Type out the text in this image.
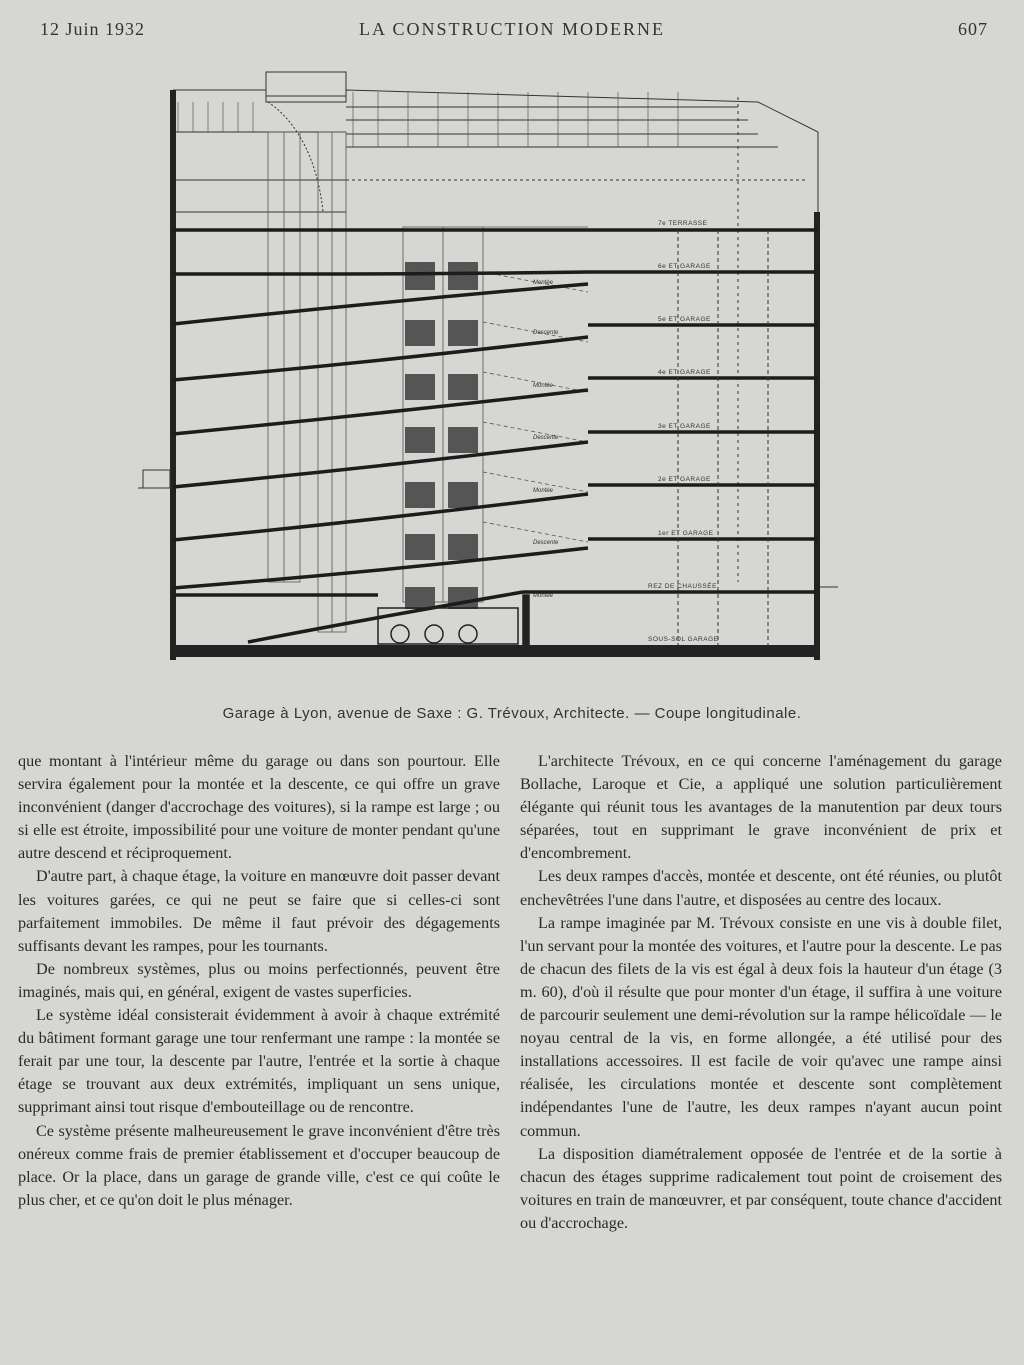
12 Juin 1932	LA CONSTRUCTION MODERNE	607
7e TERRASSE
6e ET GARAGE
5e ET GARAGE
4e ET GARAGE
3e ET GARAGE
2e ET GARAGE
1er ET GARAGE
REZ DE CHAUSSÉE
SOUS-SOL GARAGE
Montée
Descente
Montée
Descente
Montée
Descente
Montée
Garage à Lyon, avenue de Saxe : G. Trévoux, Architecte. — Coupe longitudinale.

que montant à l'intérieur même du garage ou dans son pourtour. Elle servira également pour la montée et la descente, ce qui offre un grave inconvénient (danger d'accrochage des voitures), si la rampe est large ; ou si elle est étroite, impossibilité pour une voiture de monter pendant qu'une autre descend et réciproquement.

D'autre part, à chaque étage, la voiture en manœuvre doit passer devant les voitures garées, ce qui ne peut se faire que si celles-ci sont parfaitement immobiles. De même il faut prévoir des dégagements suffisants devant les rampes, pour les tournants.

De nombreux systèmes, plus ou moins perfectionnés, peuvent être imaginés, mais qui, en général, exigent de vastes superficies.

Le système idéal consisterait évidemment à avoir à chaque extrémité du bâtiment formant garage une tour renfermant une rampe : la montée se ferait par une tour, la descente par l'autre, l'entrée et la sortie à chaque étage se trouvant aux deux extrémités, impliquant un sens unique, supprimant ainsi tout risque d'embouteillage ou de rencontre.

Ce système présente malheureusement le grave inconvénient d'être très onéreux comme frais de premier établissement et d'occuper beaucoup de place. Or la place, dans un garage de grande ville, c'est ce qui coûte le plus cher, et ce qu'on doit le plus ménager.

L'architecte Trévoux, en ce qui concerne l'aménagement du garage Bollache, Laroque et Cie, a appliqué une solution particulièrement élégante qui réunit tous les avantages de la manutention par deux tours séparées, tout en supprimant le grave inconvénient de prix et d'encombrement.

Les deux rampes d'accès, montée et descente, ont été réunies, ou plutôt enchevêtrées l'une dans l'autre, et disposées au centre des locaux.

La rampe imaginée par M. Trévoux consiste en une vis à double filet, l'un servant pour la montée des voitures, et l'autre pour la descente. Le pas de chacun des filets de la vis est égal à deux fois la hauteur d'un étage (3 m. 60), d'où il résulte que pour monter d'un étage, il suffira à une voiture de parcourir seulement une demi-révolution sur la rampe hélicoïdale — le noyau central de la vis, en forme allongée, a été utilisé pour des installations accessoires. Il est facile de voir qu'avec une rampe ainsi réalisée, les circulations montée et descente sont complètement indépendantes l'une de l'autre, les deux rampes n'ayant aucun point commun.

La disposition diamétralement opposée de l'entrée et de la sortie à chacun des étages supprime radicalement tout point de croisement des voitures en train de manœuvrer, et par conséquent, toute chance d'accident ou d'accrochage.
